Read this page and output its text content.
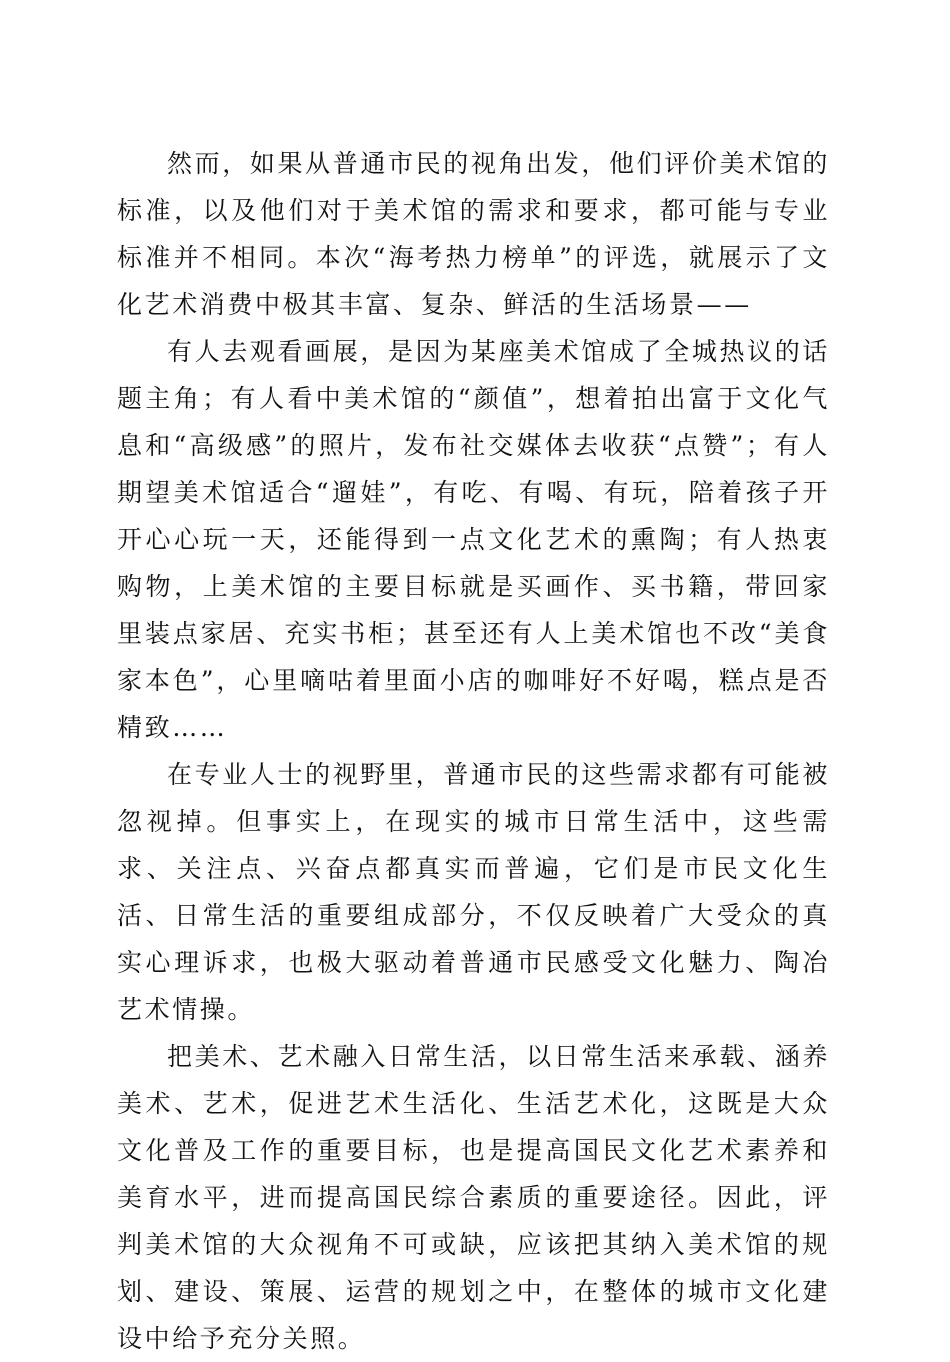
然而，如果从普通市民的视角出发，他们评价美术馆的标准，以及他们对于美术馆的需求和要求，都可能与专业标准并不相同。本次“海考热力榜单”的评选，就展示了文化艺术消费中极其丰富、复杂、鲜活的生活场景——

有人去观看画展，是因为某座美术馆成了全城热议的话题主角；有人看中美术馆的“颜值”，想着拍出富于文化气息和“高级感”的照片，发布社交媒体去收获“点赞”；有人期望美术馆适合“遛娃”，有吃、有喝、有玩，陪着孩子开开心心玩一天，还能得到一点文化艺术的熏陶；有人热衷购物，上美术馆的主要目标就是买画作、买书籍，带回家里装点家居、充实书柜；甚至还有人上美术馆也不改“美食家本色”，心里嘀咕着里面小店的咖啡好不好喝，糕点是否精致……

在专业人士的视野里，普通市民的这些需求都有可能被忽视掉。但事实上，在现实的城市日常生活中，这些需求、关注点、兴奋点都真实而普遍，它们是市民文化生活、日常生活的重要组成部分，不仅反映着广大受众的真实心理诉求，也极大驱动着普通市民感受文化魅力、陶冶艺术情操。

把美术、艺术融入日常生活，以日常生活来承载、涵养美术、艺术，促进艺术生活化、生活艺术化，这既是大众文化普及工作的重要目标，也是提高国民文化艺术素养和美育水平，进而提高国民综合素质的重要途径。因此，评判美术馆的大众视角不可或缺，应该把其纳入美术馆的规划、建设、策展、运营的规划之中，在整体的城市文化建设中给予充分关照。
